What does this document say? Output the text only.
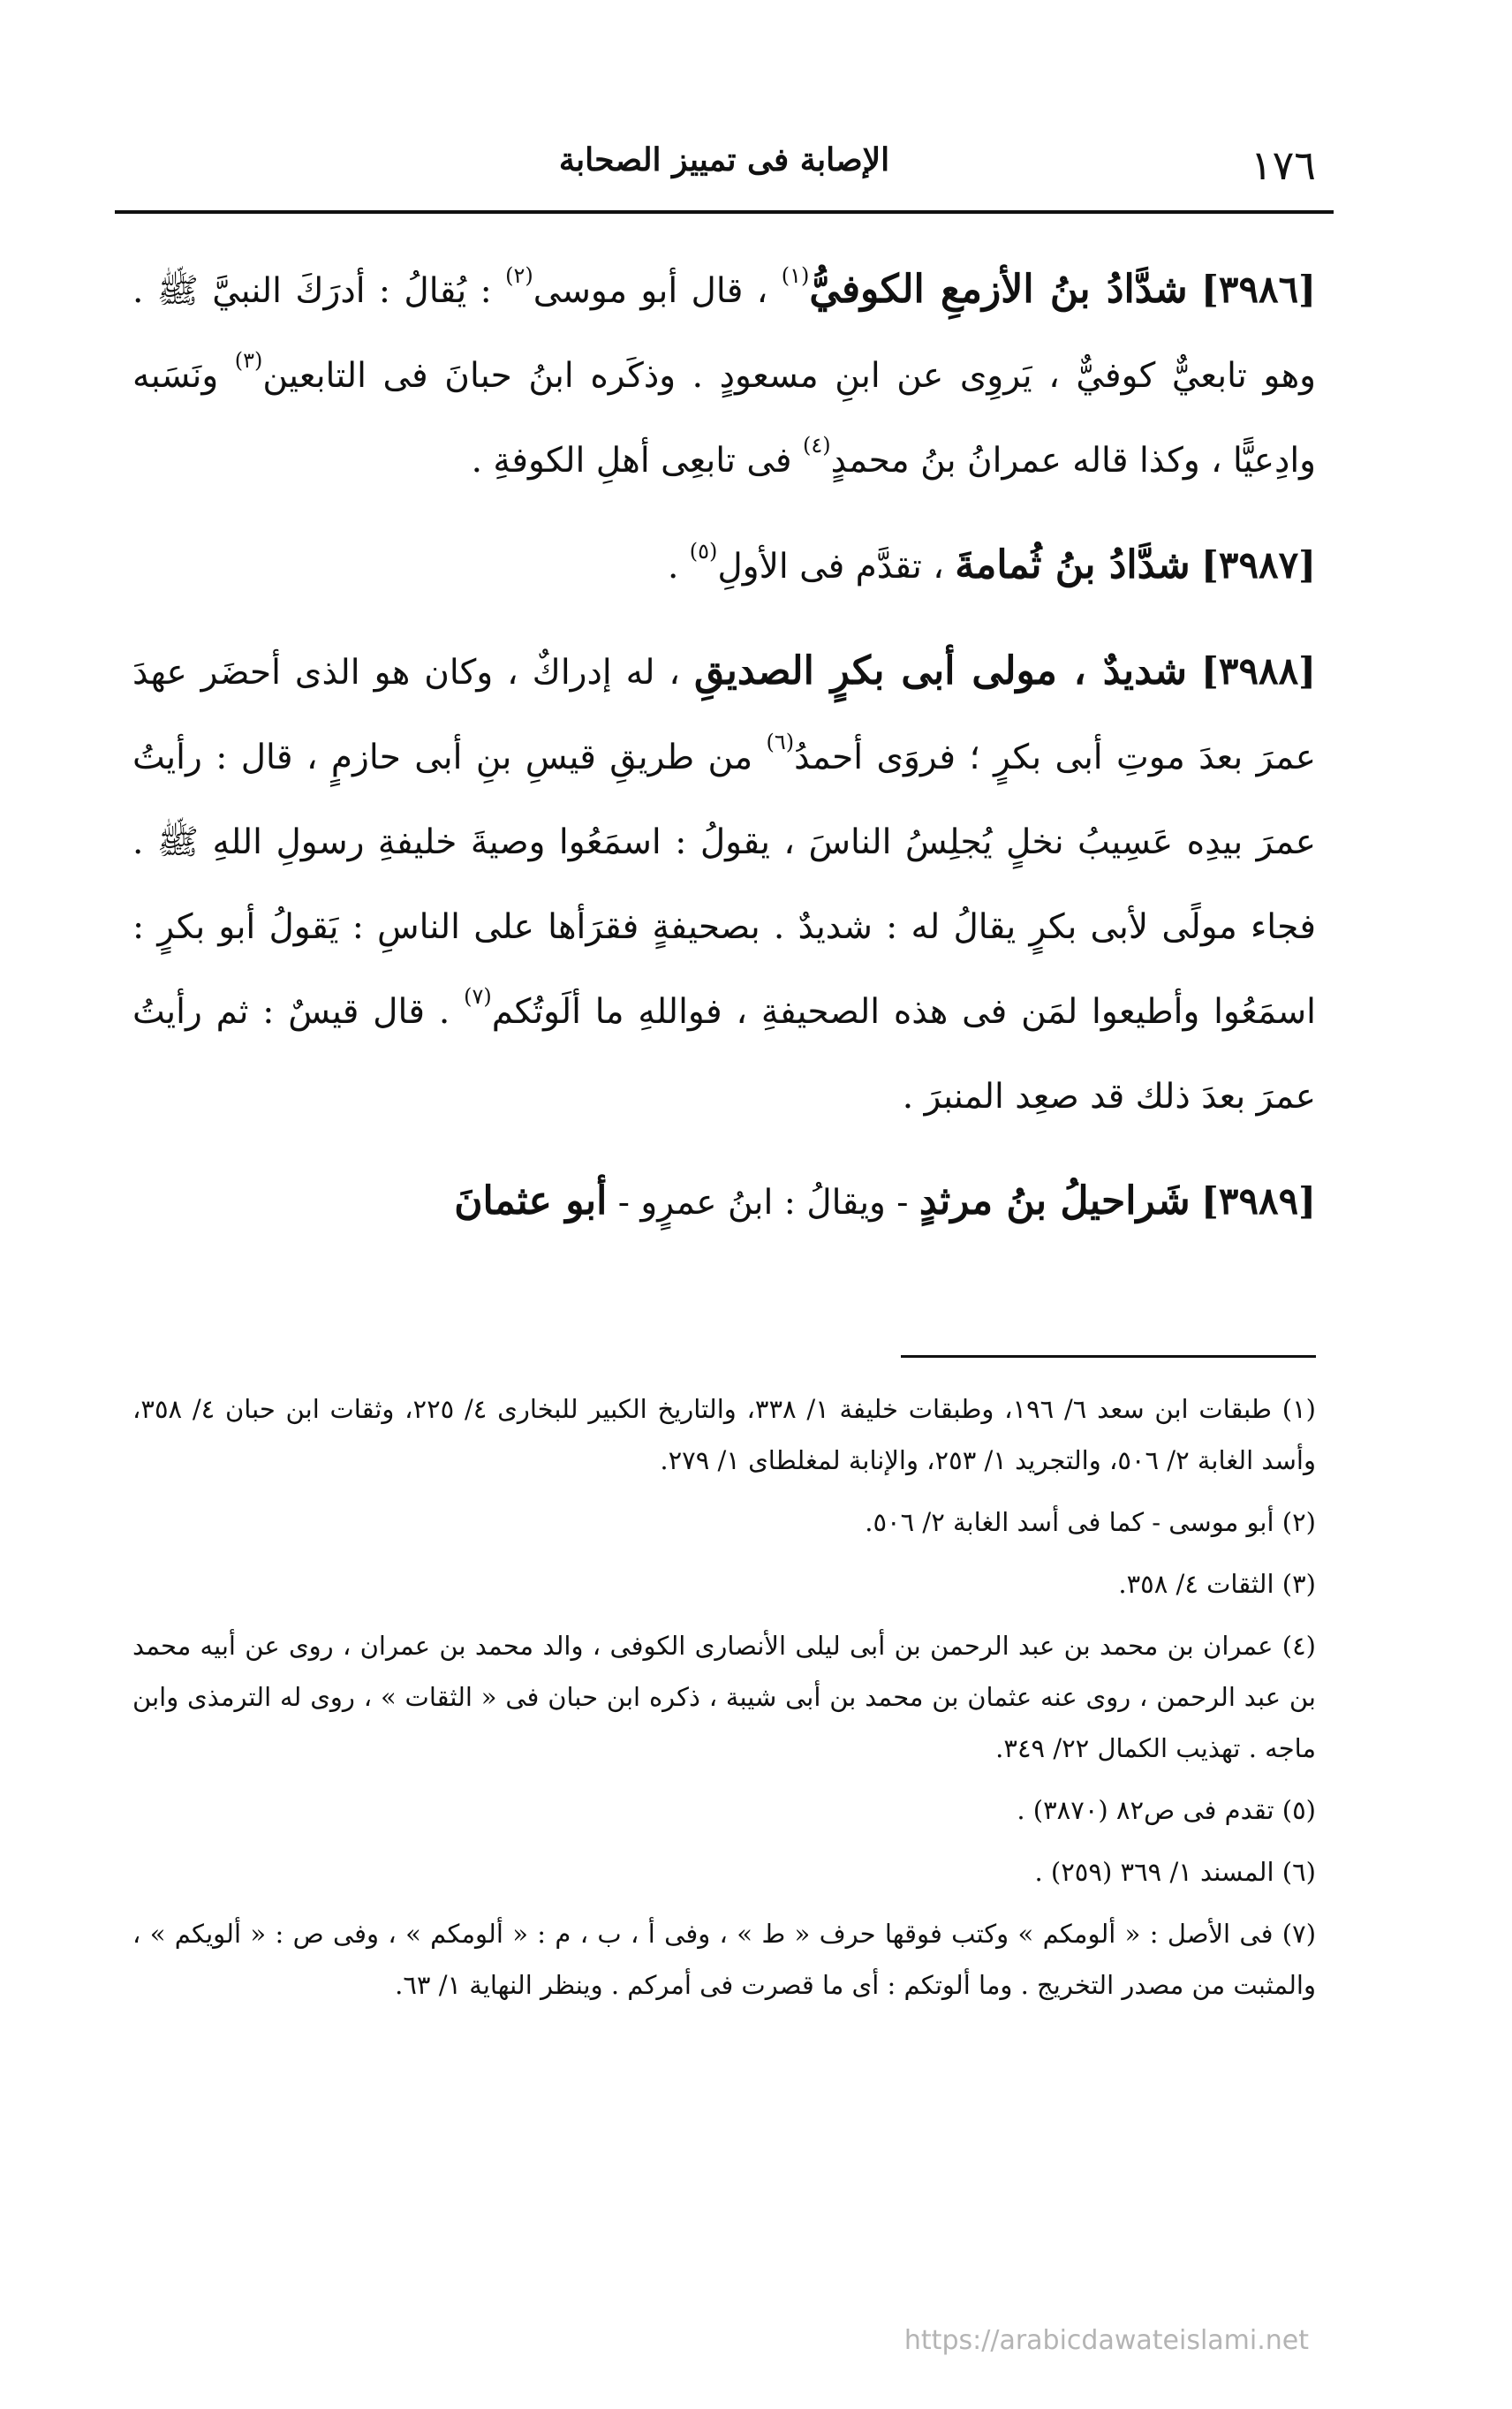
١٧٦
الإصابة فى تمييز الصحابة

[٣٩٨٦] شدَّادُ بنُ الأزمعِ الكوفيُّ$^{(١)}$ ، قال أبو موسى$^{(٢)}$ : يُقالُ : أدرَكَ النبيَّ ﷺ . وهو تابعيٌّ كوفيٌّ ، يَروِى عن ابنِ مسعودٍ . وذكَره ابنُ حبانَ فى التابعين$^{(٣)}$ ونَسَبه وادِعيًّا ، وكذا قاله عمرانُ بنُ محمدٍ$^{(٤)}$ فى تابعِى أهلِ الكوفةِ .

[٣٩٨٧] شدَّادُ بنُ ثُمامةَ ، تقدَّم فى الأولِ$^{(٥)}$ .

[٣٩٨٨] شديدٌ ، مولى أبى بكرٍ الصديقِ ، له إدراكٌ ، وكان هو الذى أحضَر عهدَ عمرَ بعدَ موتِ أبى بكرٍ ؛ فروَى أحمدُ$^{(٦)}$ من طريقِ قيسِ بنِ أبى حازمٍ ، قال : رأيتُ عمرَ بيدِه عَسِيبُ نخلٍ يُجلِسُ الناسَ ، يقولُ : اسمَعُوا وصيةَ خليفةِ رسولِ اللهِ ﷺ . فجاء مولًى لأبى بكرٍ يقالُ له : شديدٌ . بصحيفةٍ فقرَأها على الناسِ : يَقولُ أبو بكرٍ : اسمَعُوا وأطيعوا لمَن فى هذه الصحيفةِ ، فواللهِ ما ألَوتُكم$^{(٧)}$ . قال قيسٌ : ثم رأيتُ عمرَ بعدَ ذلك قد صعِد المنبرَ .

[٣٩٨٩] شَراحيلُ بنُ مرثدٍ - ويقالُ : ابنُ عمرٍو - أبو عثمانَ

(١) طبقات ابن سعد ٦/ ١٩٦، وطبقات خليفة ١/ ٣٣٨، والتاريخ الكبير للبخارى ٤/ ٢٢٥، وثقات ابن حبان ٤/ ٣٥٨، وأسد الغابة ٢/ ٥٠٦، والتجريد ١/ ٢٥٣، والإنابة لمغلطاى ١/ ٢٧٩.

(٢) أبو موسى - كما فى أسد الغابة ٢/ ٥٠٦.

(٣) الثقات ٤/ ٣٥٨.

(٤) عمران بن محمد بن عبد الرحمن بن أبى ليلى الأنصارى الكوفى ، والد محمد بن عمران ، روى عن أبيه محمد بن عبد الرحمن ، روى عنه عثمان بن محمد بن أبى شيبة ، ذكره ابن حبان فى « الثقات » ، روى له الترمذى وابن ماجه . تهذيب الكمال ٢٢/ ٣٤٩.

(٥) تقدم فى ص٨٢ (٣٨٧٠) .

(٦) المسند ١/ ٣٦٩ (٢٥٩) .

(٧) فى الأصل : « ألومكم » وكتب فوقها حرف « ط » ، وفى أ ، ب ، م : « ألومكم » ، وفى ص : « ألويكم » ، والمثبت من مصدر التخريج . وما ألوتكم : أى ما قصرت فى أمركم . وينظر النهاية ١/ ٦٣.

https://arabicdawateislami.net
